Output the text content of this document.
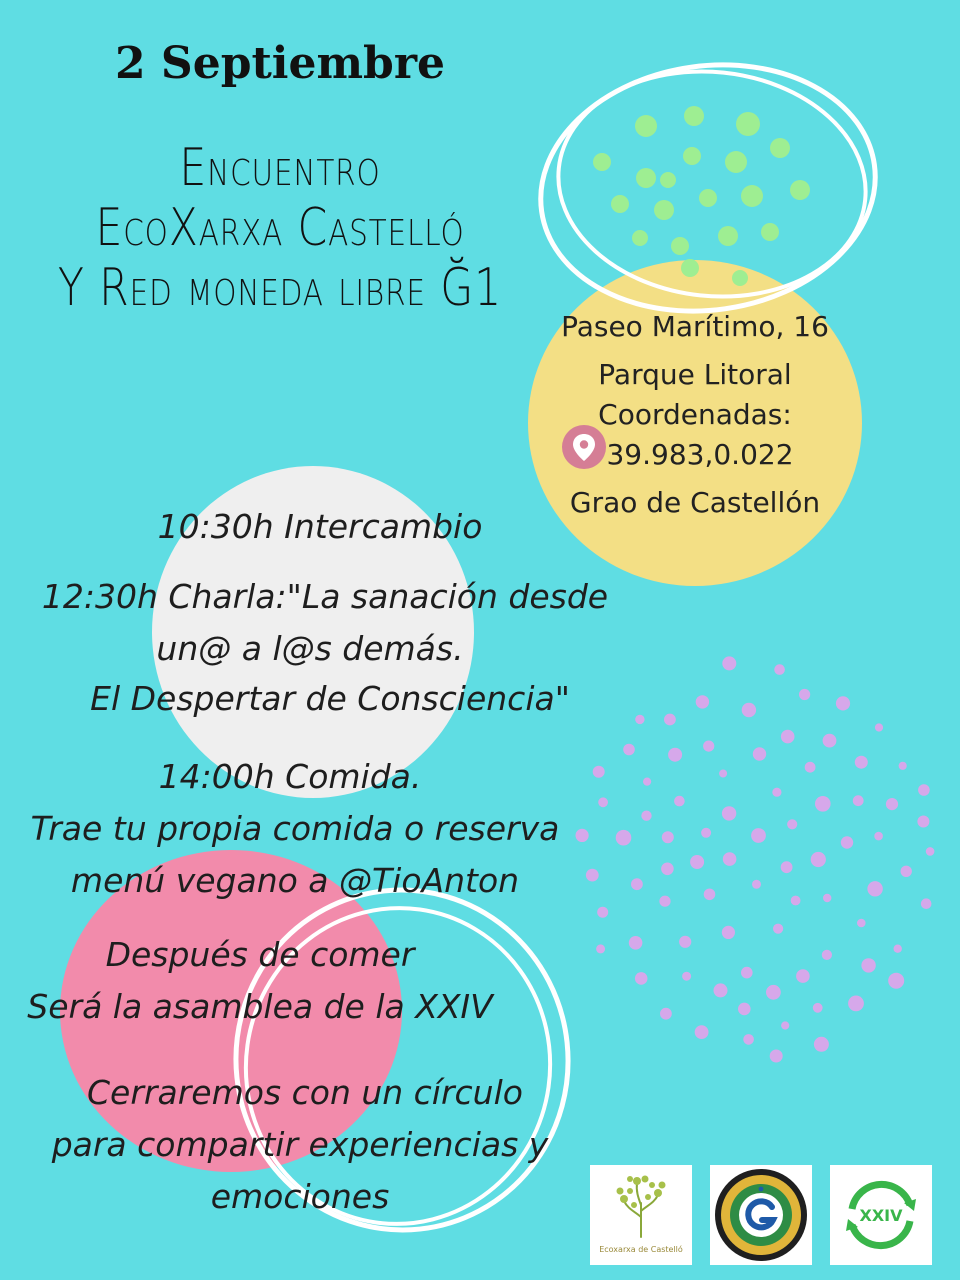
2 Septiembre
Encuentro
EcoXarxa Castelló
Y Red moneda libre Ğ1
Paseo Marítimo, 16
Parque Litoral
Coordenadas:
39.983,0.022
Grao de Castellón
10:30h Intercambio
12:30h Charla:"La sanación desde
un@ a l@s demás.
El Despertar de Consciencia"
14:00h Comida.
Trae tu propia comida o reserva
menú vegano a @TioAnton
Después de comer
Será la asamblea de la XXIV
Cerraremos con un círculo
para compartir experiencias y
emociones
Ecoxarxa de Castelló
XXIV
